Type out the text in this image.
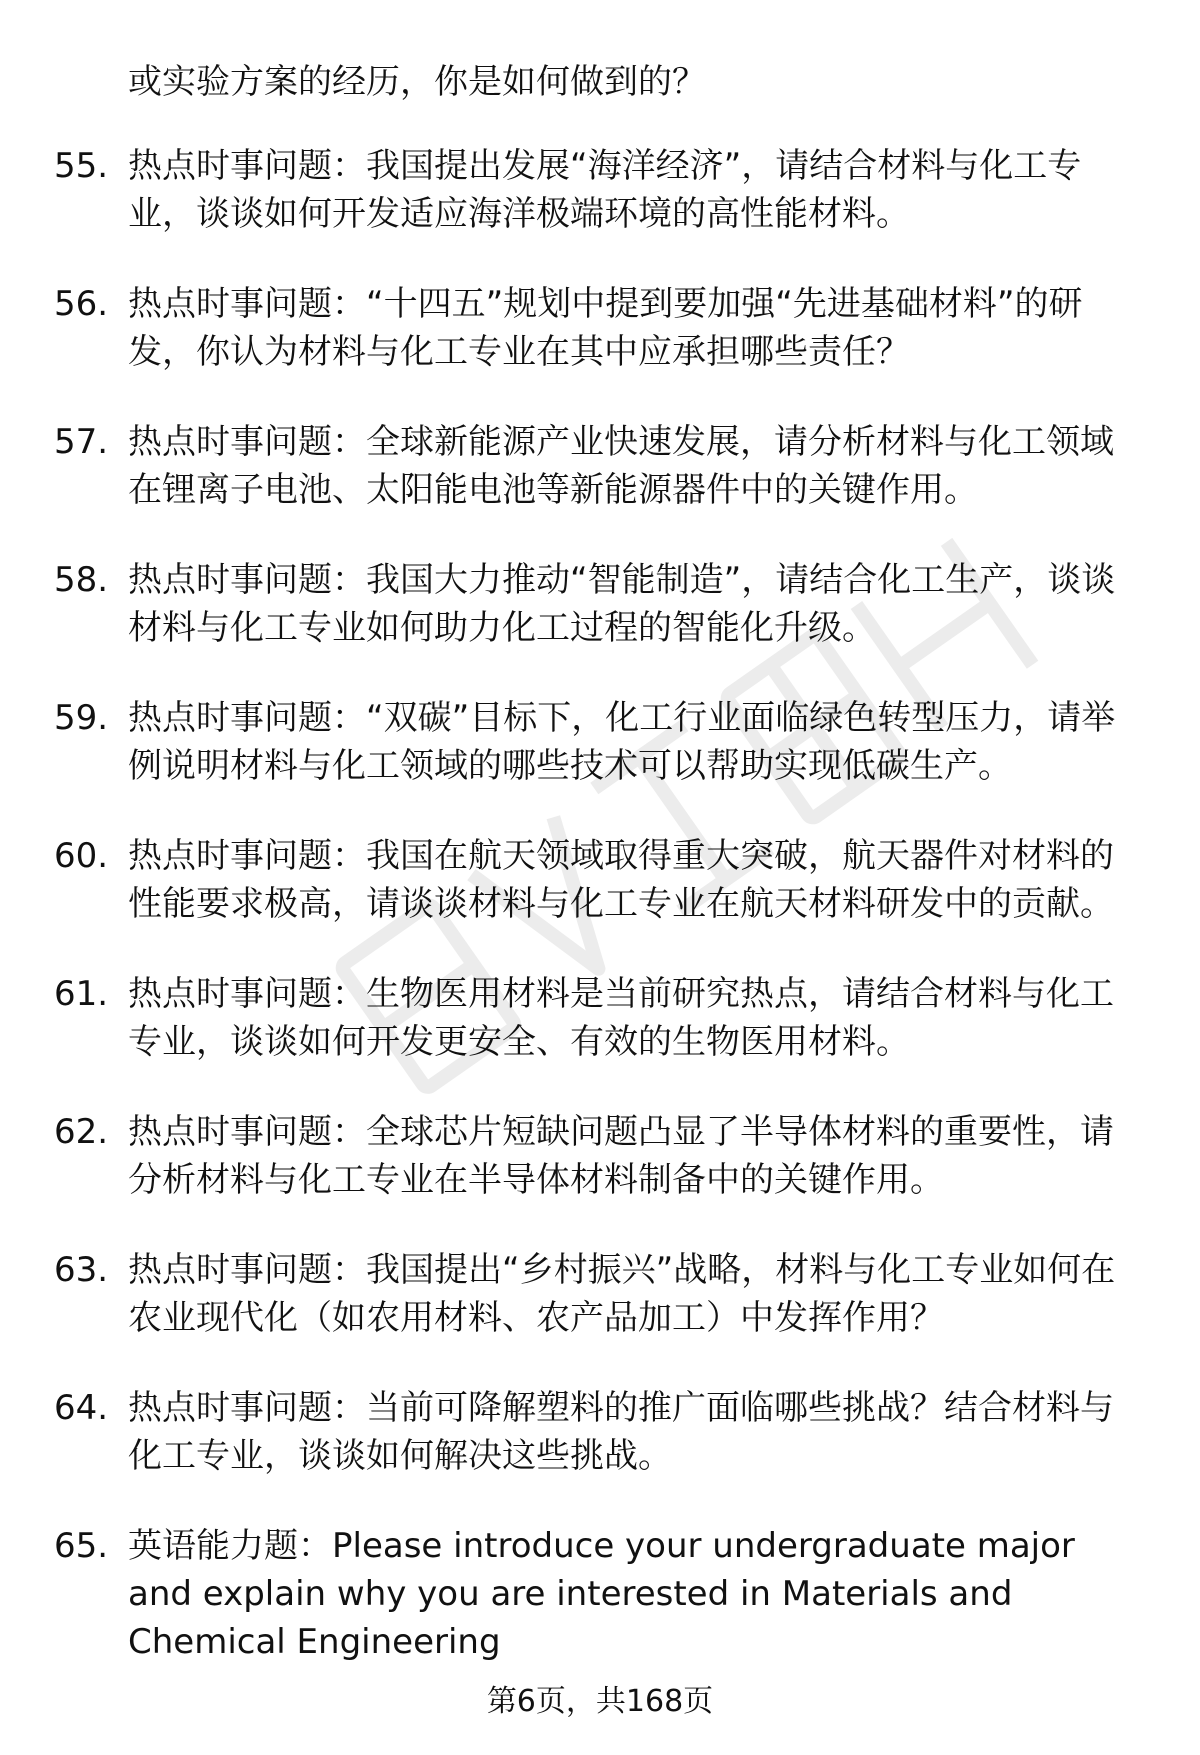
或实验方案的经历，你是如何做到的？
55. 热点时事问题：我国提出发展“海洋经济”，请结合材料与化工专业，谈谈如何开发适应海洋极端环境的高性能材料。
56. 热点时事问题：“十四五”规划中提到要加强“先进基础材料”的研发，你认为材料与化工专业在其中应承担哪些责任？
57. 热点时事问题：全球新能源产业快速发展，请分析材料与化工领域在锂离子电池、太阳能电池等新能源器件中的关键作用。
58. 热点时事问题：我国大力推动“智能制造”，请结合化工生产，谈谈材料与化工专业如何助力化工过程的智能化升级。
59. 热点时事问题：“双碳”目标下，化工行业面临绿色转型压力，请举例说明材料与化工领域的哪些技术可以帮助实现低碳生产。
60. 热点时事问题：我国在航天领域取得重大突破，航天器件对材料的性能要求极高，请谈谈材料与化工专业在航天材料研发中的贡献。
61. 热点时事问题：生物医用材料是当前研究热点，请结合材料与化工专业，谈谈如何开发更安全、有效的生物医用材料。
62. 热点时事问题：全球芯片短缺问题凸显了半导体材料的重要性，请分析材料与化工专业在半导体材料制备中的关键作用。
63. 热点时事问题：我国提出“乡村振兴”战略，材料与化工专业如何在农业现代化（如农用材料、农产品加工）中发挥作用？
64. 热点时事问题：当前可降解塑料的推广面临哪些挑战？结合材料与化工专业，谈谈如何解决这些挑战。
65. 英语能力题：Please introduce your undergraduate major and explain why you are interested in Materials and Chemical Engineering
第6页，共168页
